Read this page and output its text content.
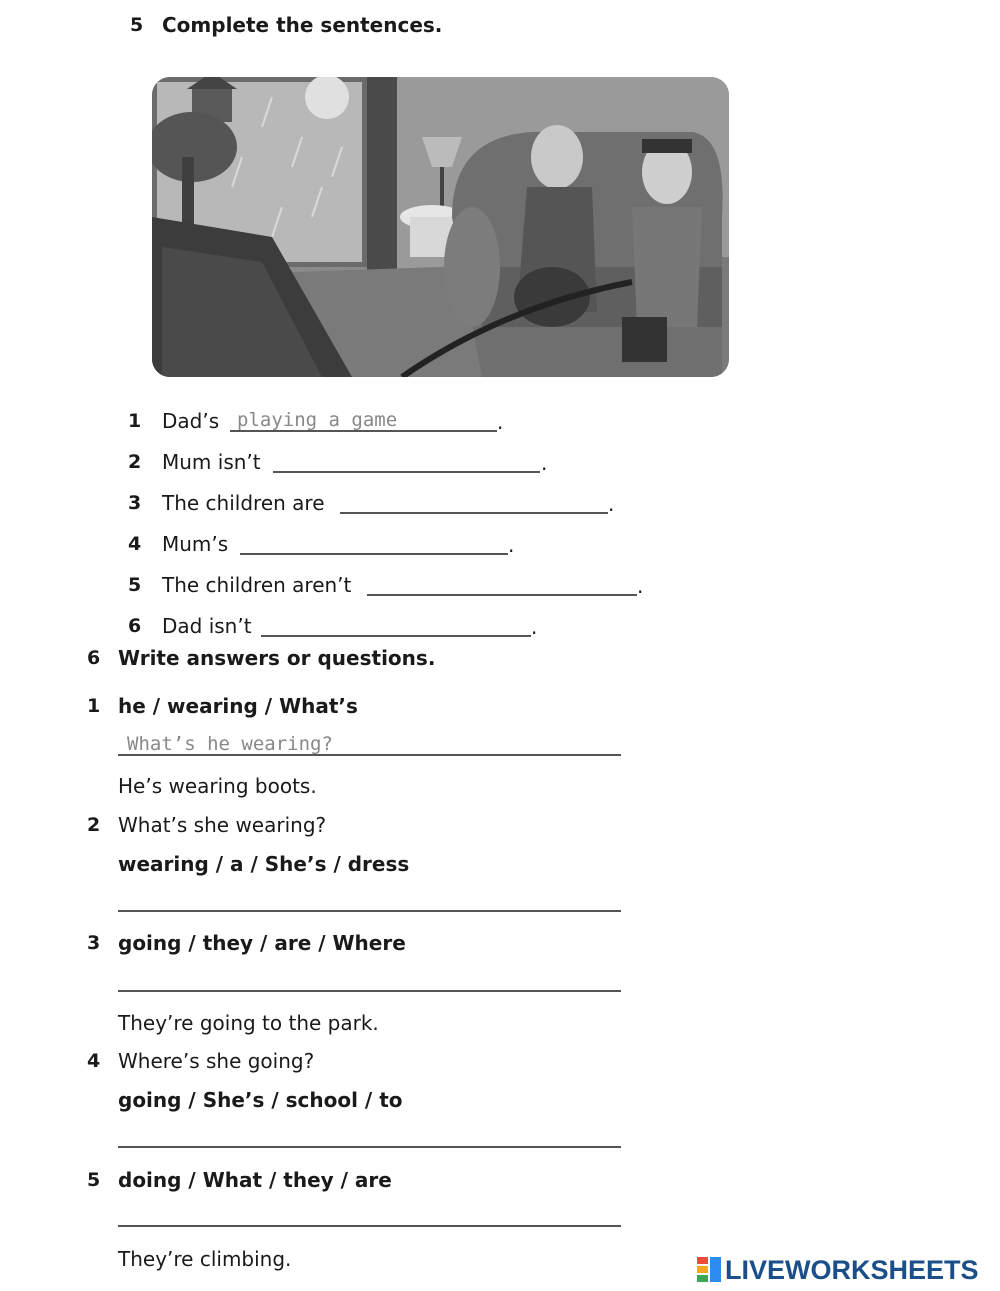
5 Complete the sentences.
1 Dad’s playing a game	.
2 Mum isn’t	.
3 The children are	.
4 Mum’s	.
5 The children aren’t	.
6 Dad isn’t	.
6 Write answers or questions.
1 he / wearing / What’s
What’s he wearing?
He’s wearing boots.
2 What’s she wearing?
wearing / a / She’s / dress
3 going / they / are / Where
They’re going to the park.
4 Where’s she going?
going / She’s / school / to
5 doing / What / they / are
They’re climbing.	LIVEWORKSHEETS
